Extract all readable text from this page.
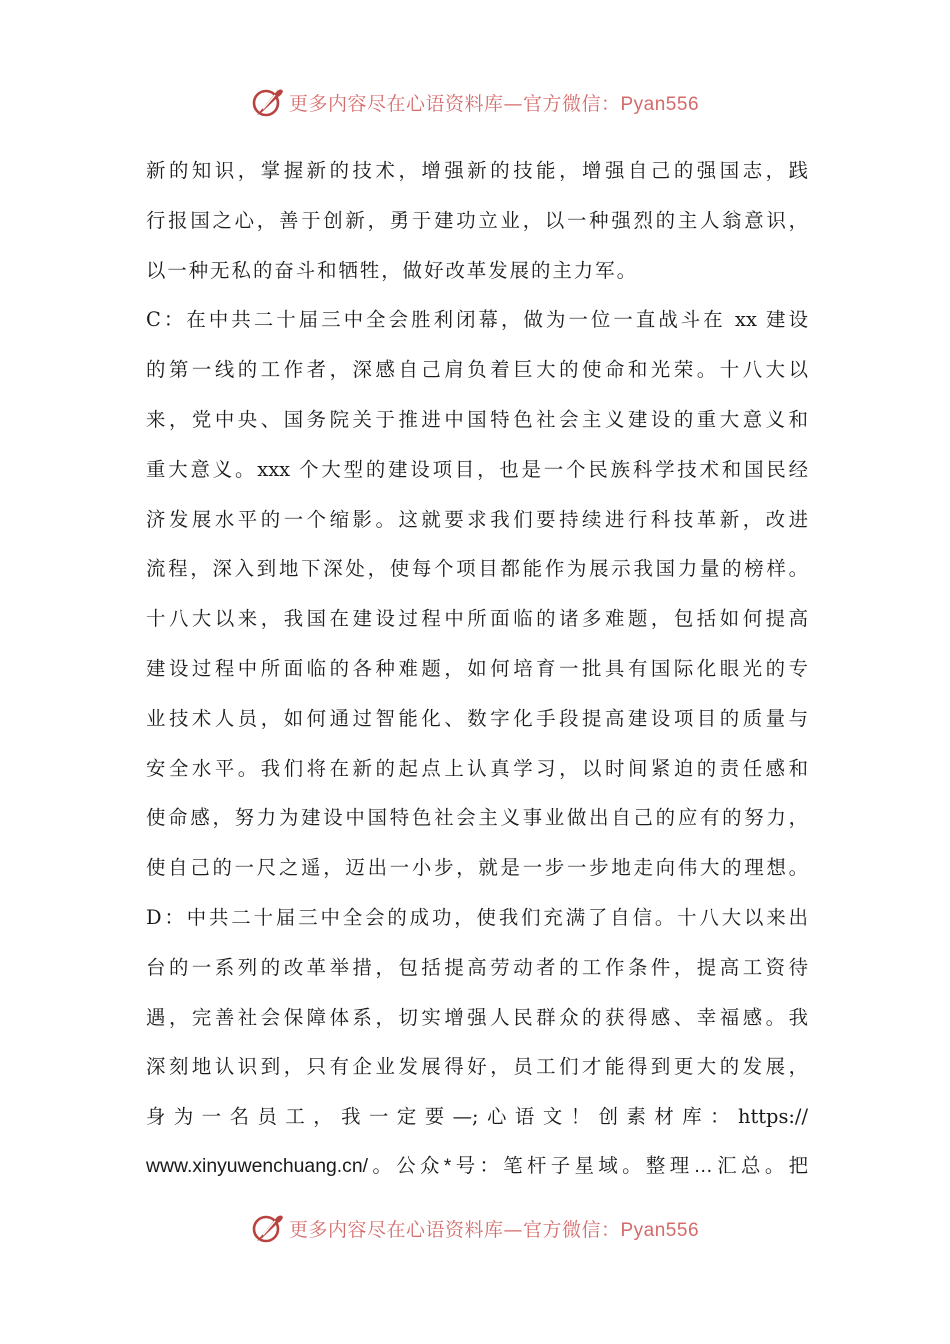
更多内容尽在心语资料库—官方微信：Pyan556
新的知识，掌握新的技术，增强新的技能，增强自己的强国志，践
行报国之心，善于创新，勇于建功立业，以一种强烈的主人翁意识，
以一种无私的奋斗和牺牲，做好改革发展的主力军。
C：在中共二十届三中全会胜利闭幕，做为一位一直战斗在 xx 建设
的第一线的工作者，深感自己肩负着巨大的使命和光荣。十八大以
来，党中央、国务院关于推进中国特色社会主义建设的重大意义和
重大意义。xxx 个大型的建设项目，也是一个民族科学技术和国民经
济发展水平的一个缩影。这就要求我们要持续进行科技革新，改进
流程，深入到地下深处，使每个项目都能作为展示我国力量的榜样。
十八大以来，我国在建设过程中所面临的诸多难题，包括如何提高
建设过程中所面临的各种难题，如何培育一批具有国际化眼光的专
业技术人员，如何通过智能化、数字化手段提高建设项目的质量与
安全水平。我们将在新的起点上认真学习，以时间紧迫的责任感和
使命感，努力为建设中国特色社会主义事业做出自己的应有的努力，
使自己的一尺之遥，迈出一小步，就是一步一步地走向伟大的理想。
D：中共二十届三中全会的成功，使我们充满了自信。十八大以来出
台的一系列的改革举措，包括提高劳动者的工作条件，提高工资待
遇，完善社会保障体系，切实增强人民群众的获得感、幸福感。我
深刻地认识到，只有企业发展得好，员工们才能得到更大的发展，
身为一名员工，我一定要—;心语文！创素材库：https://
www.xinyuwenchuang.cn/。公众*号：笔杆子星域。整理…汇总。把
更多内容尽在心语资料库—官方微信：Pyan556
